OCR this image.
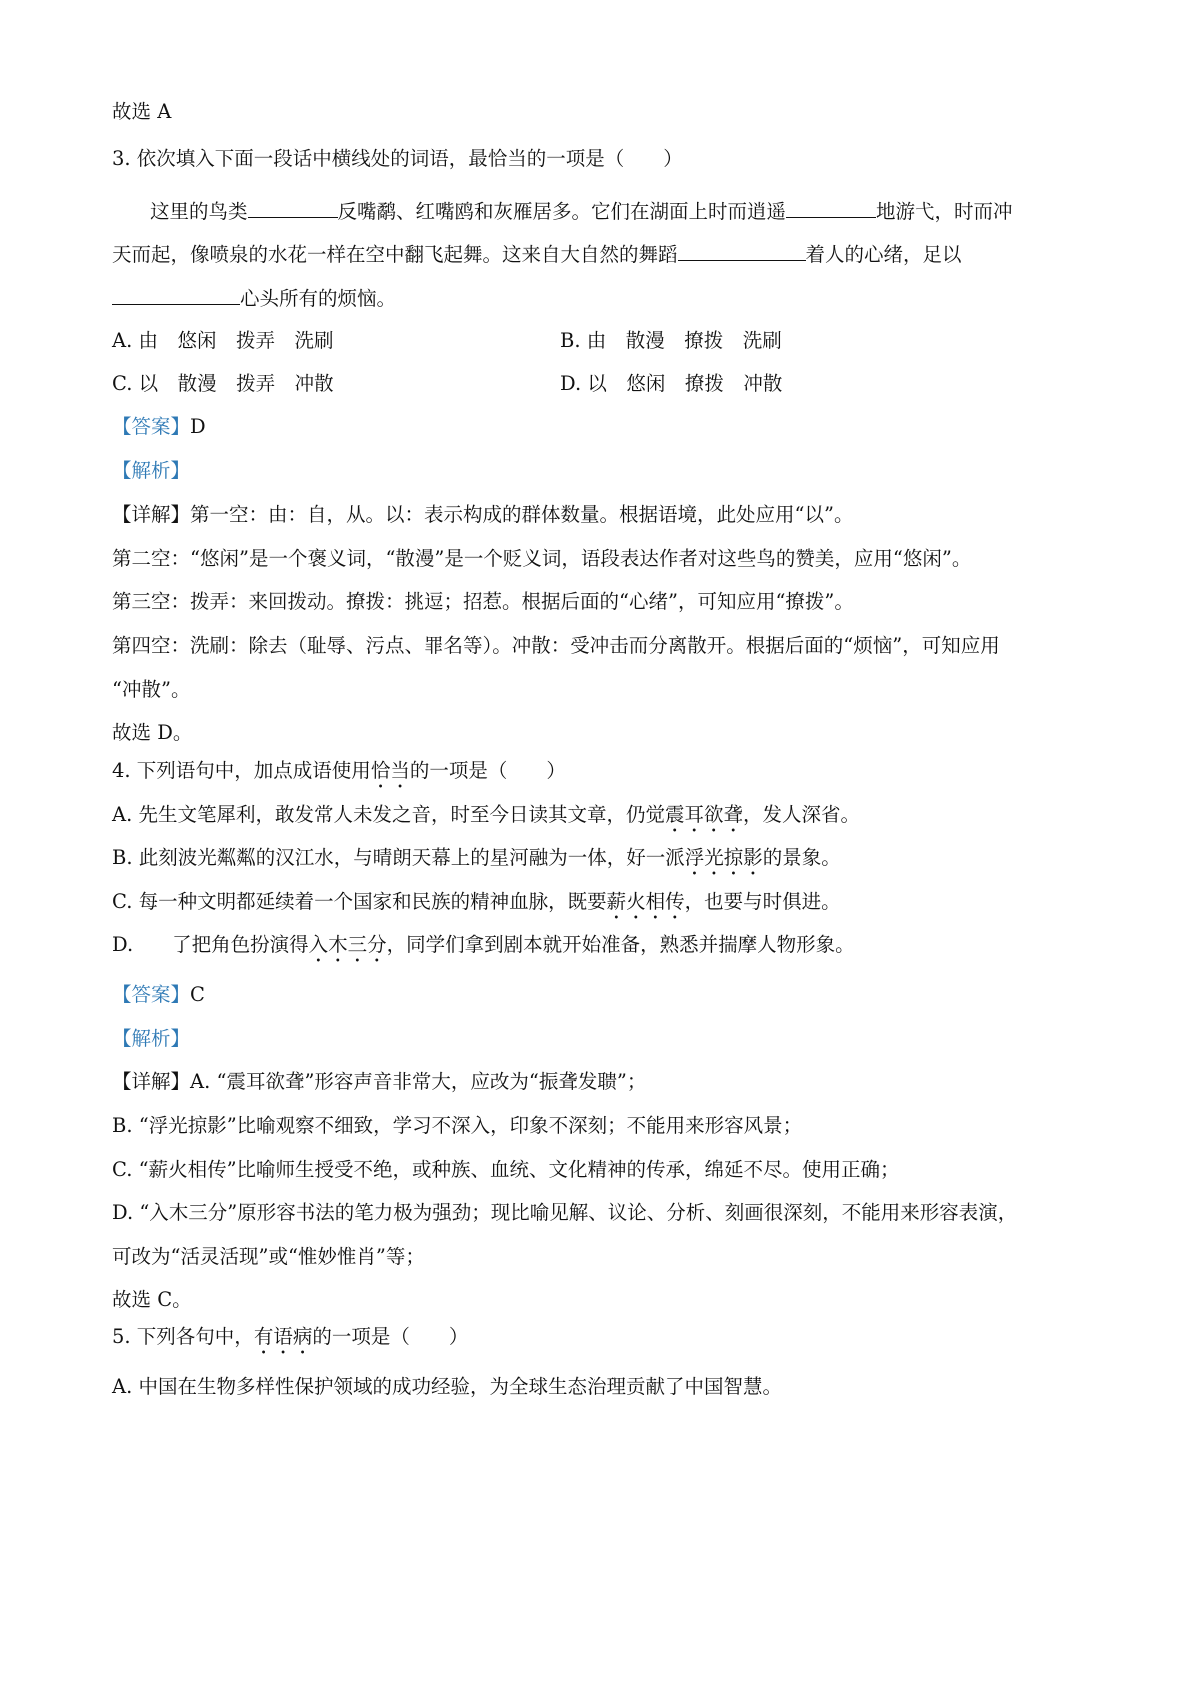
故选 A
3. 依次填入下面一段话中横线处的词语，最恰当的一项是（　　）
这里的鸟类	反嘴鹬、红嘴鸥和灰雁居多。它们在湖面上时而逍遥	地游弋，时而冲
天而起，像喷泉的水花一样在空中翻飞起舞。这来自大自然的舞蹈	着人的心绪，足以
心头所有的烦恼。
A. 由　悠闲　拨弄　洗刷	B. 由　散漫　撩拨　洗刷
C. 以　散漫　拨弄　冲散	D. 以　悠闲　撩拨　冲散
【答案】D
【解析】
【详解】第一空：由：自，从。以：表示构成的群体数量。根据语境，此处应用“以”。
第二空：“悠闲”是一个褒义词，“散漫”是一个贬义词，语段表达作者对这些鸟的赞美，应用“悠闲”。
第三空：拨弄：来回拨动。撩拨：挑逗；招惹。根据后面的“心绪”，可知应用“撩拨”。
第四空：洗刷：除去（耻辱、污点、罪名等）。冲散：受冲击而分离散开。根据后面的“烦恼”，可知应用
“冲散”。
故选 D。
4. 下列语句中，加点成语使用恰当的一项是（　　）
A. 先生文笔犀利，敢发常人未发之音，时至今日读其文章，仍觉震耳欲聋，发人深省。
B. 此刻波光粼粼的汉江水，与晴朗天幕上的星河融为一体，好一派浮光掠影的景象。
C. 每一种文明都延续着一个国家和民族的精神血脉，既要薪火相传，也要与时俱进。
D.　　了把角色扮演得入木三分，同学们拿到剧本就开始准备，熟悉并揣摩人物形象。
【答案】C
【解析】
【详解】A. “震耳欲聋”形容声音非常大，应改为“振聋发聩”；
B. “浮光掠影”比喻观察不细致，学习不深入，印象不深刻；不能用来形容风景；
C. “薪火相传”比喻师生授受不绝，或种族、血统、文化精神的传承，绵延不尽。使用正确；
D. “入木三分”原形容书法的笔力极为强劲；现比喻见解、议论、分析、刻画很深刻，不能用来形容表演，
可改为“活灵活现”或“惟妙惟肖”等；
故选 C。
5. 下列各句中，有语病的一项是（　　）
A. 中国在生物多样性保护领域的成功经验，为全球生态治理贡献了中国智慧。
